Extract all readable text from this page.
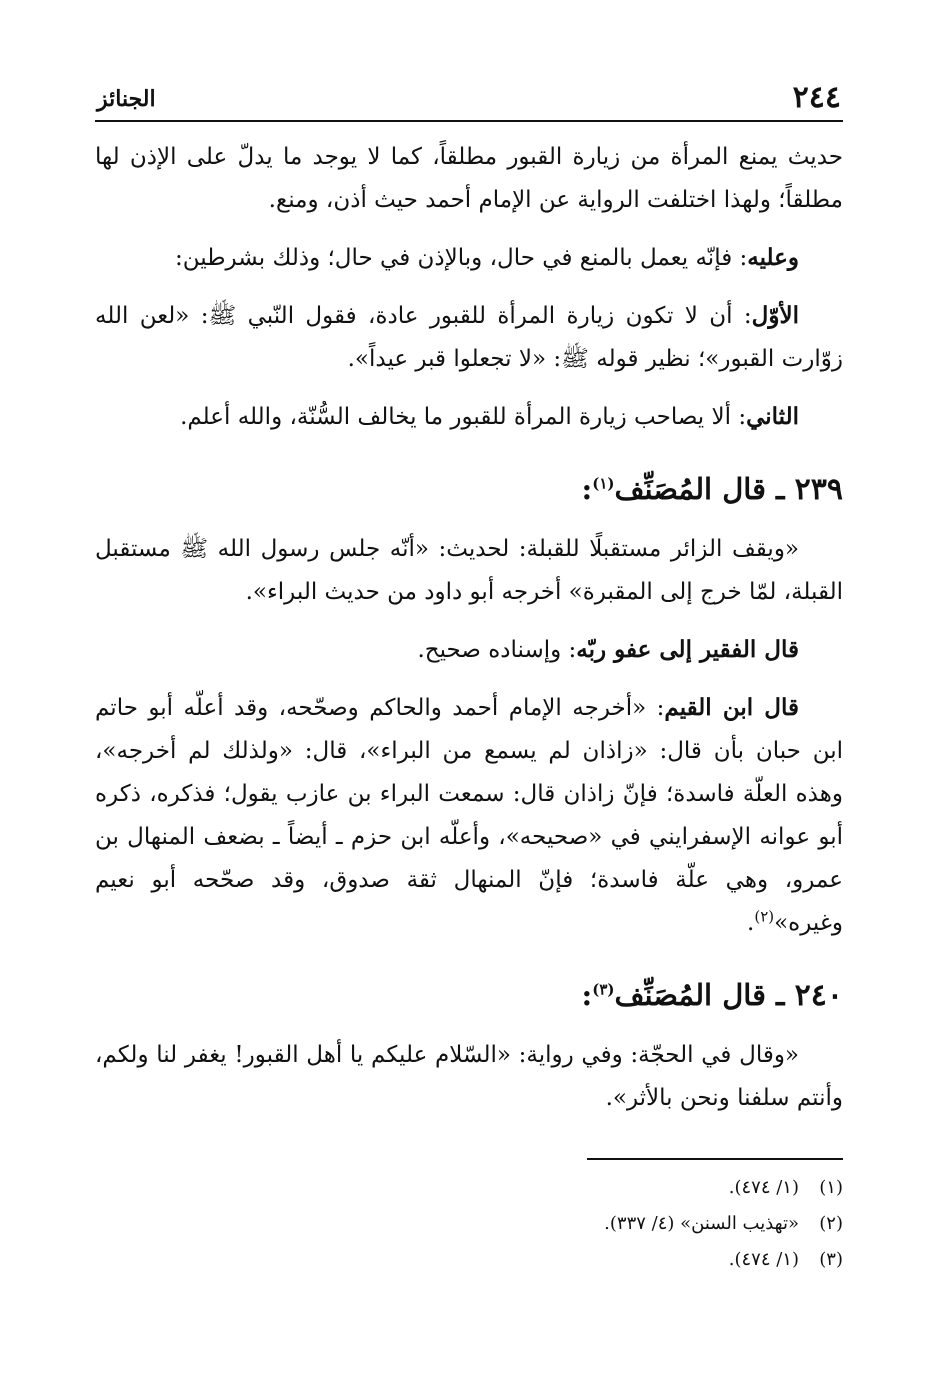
٢٤٤
الجنائز

حديث يمنع المرأة من زيارة القبور مطلقاً، كما لا يوجد ما يدلّ على الإذن لها مطلقاً؛ ولهذا اختلفت الرواية عن الإمام أحمد حيث أذن، ومنع.

وعليه: فإنّه يعمل بالمنع في حال، وبالإذن في حال؛ وذلك بشرطين:

الأوّل: أن لا تكون زيارة المرأة للقبور عادة، فقول النّبي ﷺ: «لعن الله زوّارت القبور»؛ نظير قوله ﷺ: «لا تجعلوا قبر عيداً».

الثاني: ألا يصاحب زيارة المرأة للقبور ما يخالف السُّنّة، والله أعلم.

٢٣٩ ـ قال المُصَنِّف$^{(١)}$:

«ويقف الزائر مستقبلًا للقبلة: لحديث: «أنّه جلس رسول الله ﷺ مستقبل القبلة، لمّا خرج إلى المقبرة» أخرجه أبو داود من حديث البراء».

قال الفقير إلى عفو ربّه: وإسناده صحيح.

قال ابن القيم: «أخرجه الإمام أحمد والحاكم وصحّحه، وقد أعلّه أبو حاتم ابن حبان بأن قال: «زاذان لم يسمع من البراء»، قال: «ولذلك لم أخرجه»، وهذه العلّة فاسدة؛ فإنّ زاذان قال: سمعت البراء بن عازب يقول؛ فذكره، ذكره أبو عوانه الإسفرايني في «صحيحه»، وأعلّه ابن حزم ـ أيضاً ـ بضعف المنهال بن عمرو، وهي علّة فاسدة؛ فإنّ المنهال ثقة صدوق، وقد صحّحه أبو نعيم وغيره»$^{(٢)}$.

٢٤٠ ـ قال المُصَنِّف$^{(٣)}$:

«وقال في الحجّة: وفي رواية: «السّلام عليكم يا أهل القبور! يغفر لنا ولكم، وأنتم سلفنا ونحن بالأثر».

(١)(١/ ٤٧٤).
(٢)«تهذيب السنن» (٤/ ٣٣٧).
(٣)(١/ ٤٧٤).
